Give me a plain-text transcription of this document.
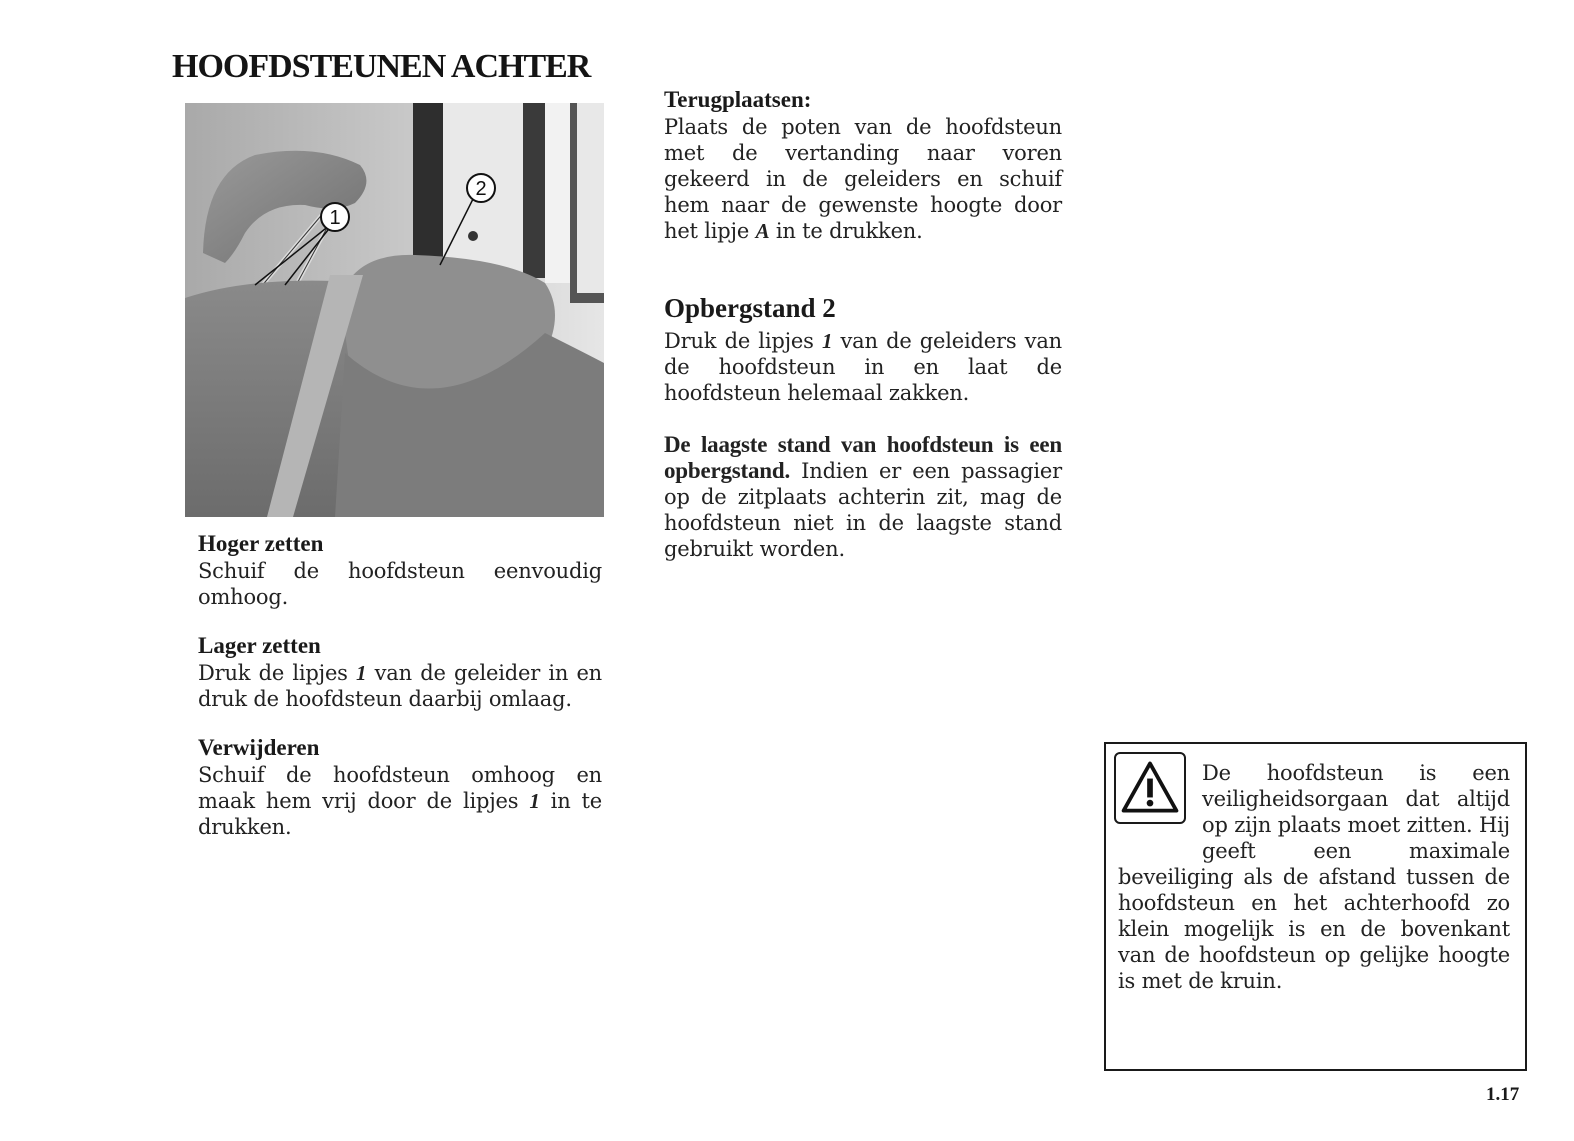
HOOFDSTEUNEN ACHTER
1
2

Hoger zetten

Schuif de hoofdsteun eenvoudig omhoog.

Lager zetten

Druk de lipjes 1 van de geleider in en druk de hoofdsteun daarbij omlaag.

Verwijderen

Schuif de hoofdsteun omhoog en maak hem vrij door de lipjes 1 in te drukken.

Terugplaatsen:

Plaats de poten van de hoofdsteun met de vertanding naar voren gekeerd in de geleiders en schuif hem naar de gewenste hoogte door het lipje A in te drukken.

Opbergstand 2

Druk de lipjes 1 van de geleiders van de hoofdsteun in en laat de hoofdsteun helemaal zakken.

De laagste stand van hoofdsteun is een opbergstand. Indien er een passagier op de zitplaats achterin zit, mag de hoofdsteun niet in de laagste stand gebruikt worden.

De hoofdsteun is een veiligheidsorgaan dat altijd op zijn plaats moet zitten. Hij geeft een maximale beveiliging als de afstand tussen de hoofdsteun en het achterhoofd zo klein mogelijk is en de bovenkant van de hoofdsteun op gelijke hoogte is met de kruin.
1.17
